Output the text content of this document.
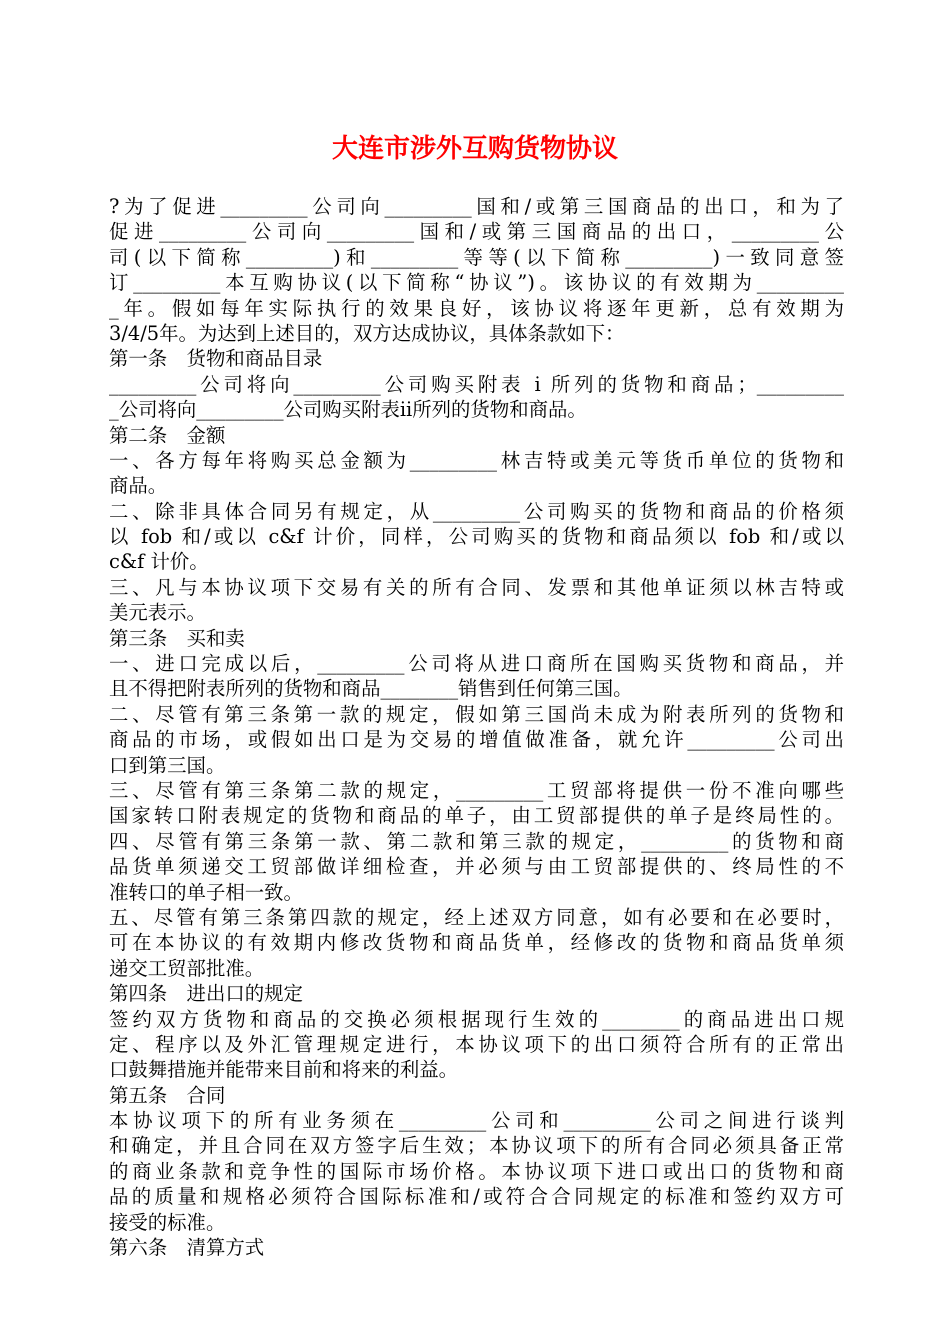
大连市涉外互购货物协议
?为了促进_________公司向_________国和/或第三国商品的出口，和为了
促进_________公司向_________国和/或第三国商品的出口，_________公
司(以下简称_________)和_________等等(以下简称_________)一致同意签
订_________本互购协议(以下简称“协议”)。该协议的有效期为_________
_年。假如每年实际执行的效果良好，该协议将逐年更新，总有效期为
3/4/5年。为达到上述目的，双方达成协议，具体条款如下：
第一条　货物和商品目录
_________公司将向_________公司购买附表 i 所列的货物和商品；_________
_公司将向_________公司购买附表ii所列的货物和商品。
第二条　金额
一、各方每年将购买总金额为_________林吉特或美元等货币单位的货物和
商品。
二、除非具体合同另有规定，从_________公司购买的货物和商品的价格须
以 fob 和/或以 c&f 计价，同样，公司购买的货物和商品须以 fob 和/或以
c&f 计价。
三、凡与本协议项下交易有关的所有合同、发票和其他单证须以林吉特或
美元表示。
第三条　买和卖
一、进口完成以后，_________公司将从进口商所在国购买货物和商品，并
且不得把附表所列的货物和商品________销售到任何第三国。
二、尽管有第三条第一款的规定，假如第三国尚未成为附表所列的货物和
商品的市场，或假如出口是为交易的增值做准备，就允许_________公司出
口到第三国。
三、尽管有第三条第二款的规定，_________工贸部将提供一份不准向哪些
国家转口附表规定的货物和商品的单子，由工贸部提供的单子是终局性的。
四、尽管有第三条第一款、第二款和第三款的规定，_________的货物和商
品货单须递交工贸部做详细检查，并必须与由工贸部提供的、终局性的不
准转口的单子相一致。
五、尽管有第三条第四款的规定，经上述双方同意，如有必要和在必要时，
可在本协议的有效期内修改货物和商品货单，经修改的货物和商品货单须
递交工贸部批准。
第四条　进出口的规定
签约双方货物和商品的交换必须根据现行生效的________的商品进出口规
定、程序以及外汇管理规定进行，本协议项下的出口须符合所有的正常出
口鼓舞措施并能带来目前和将来的利益。
第五条　合同
本协议项下的所有业务须在_________公司和_________公司之间进行谈判
和确定，并且合同在双方签字后生效；本协议项下的所有合同必须具备正常
的商业条款和竞争性的国际市场价格。本协议项下进口或出口的货物和商
品的质量和规格必须符合国际标准和/或符合合同规定的标准和签约双方可
接受的标准。
第六条　清算方式
